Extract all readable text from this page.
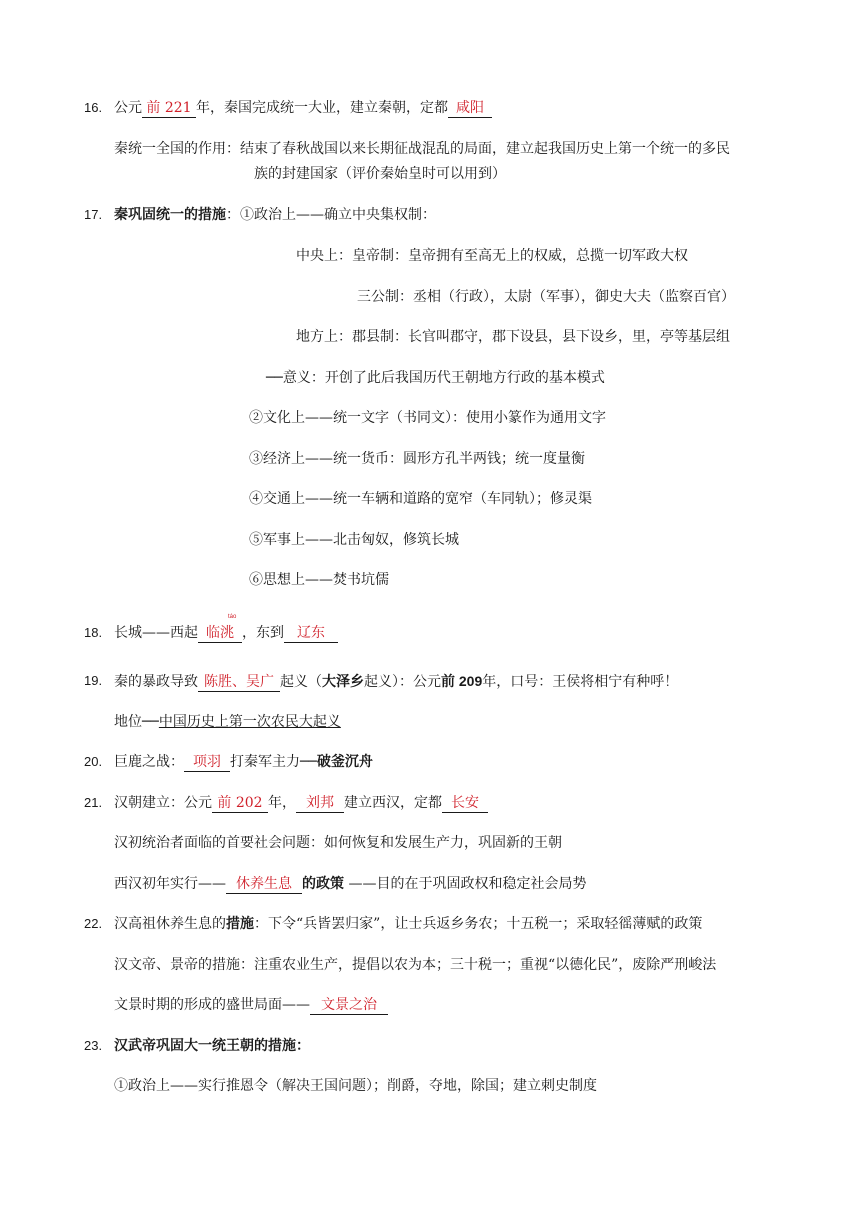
16. 公元 前 221 年，秦国完成统一大业，建立秦朝，定都 咸阳
秦统一全国的作用：结束了春秋战国以来长期征战混乱的局面，建立起我国历史上第一个统一的多民
族的封建国家（评价秦始皇时可以用到）
17. 秦巩固统一的措施：①政治上——确立中央集权制：
中央上：皇帝制：皇帝拥有至高无上的权威，总揽一切军政大权
三公制：丞相（行政），太尉（军事），御史大夫（监察百官）
地方上：郡县制：长官叫郡守，郡下设县，县下设乡，里，亭等基层组
──意义：开创了此后我国历代王朝地方行政的基本模式
②文化上——统一文字（书同文）：使用小篆作为通用文字
③经济上——统一货币：圆形方孔半两钱；统一度量衡
④交通上——统一车辆和道路的宽窄（车同轨）；修灵渠
⑤军事上——北击匈奴，修筑长城
⑥思想上——焚书坑儒
18.
táo
长城——西起 临洮 ，东到 辽东
19. 秦的暴政导致 陈胜、吴广 起义（大泽乡起义）：公元前 209年，口号：王侯将相宁有种呼！
地位──中国历史上第一次农民大起义
20. 巨鹿之战： 项羽 打秦军主力──破釜沉舟
21. 汉朝建立：公元 前 202 年， 刘邦 建立西汉，定都 长安
汉初统治者面临的首要社会问题：如何恢复和发展生产力，巩固新的王朝
西汉初年实行—— 休养生息 的政策 ——目的在于巩固政权和稳定社会局势
22. 汉高祖休养生息的措施：下令“兵皆罢归家”，让士兵返乡务农；十五税一；采取轻徭薄赋的政策
汉文帝、景帝的措施：注重农业生产，提倡以农为本；三十税一；重视“以德化民”，废除严刑峻法
文景时期的形成的盛世局面—— 文景之治
23. 汉武帝巩固大一统王朝的措施：
①政治上——实行推恩令（解决王国问题）；削爵，夺地，除国；建立刺史制度
